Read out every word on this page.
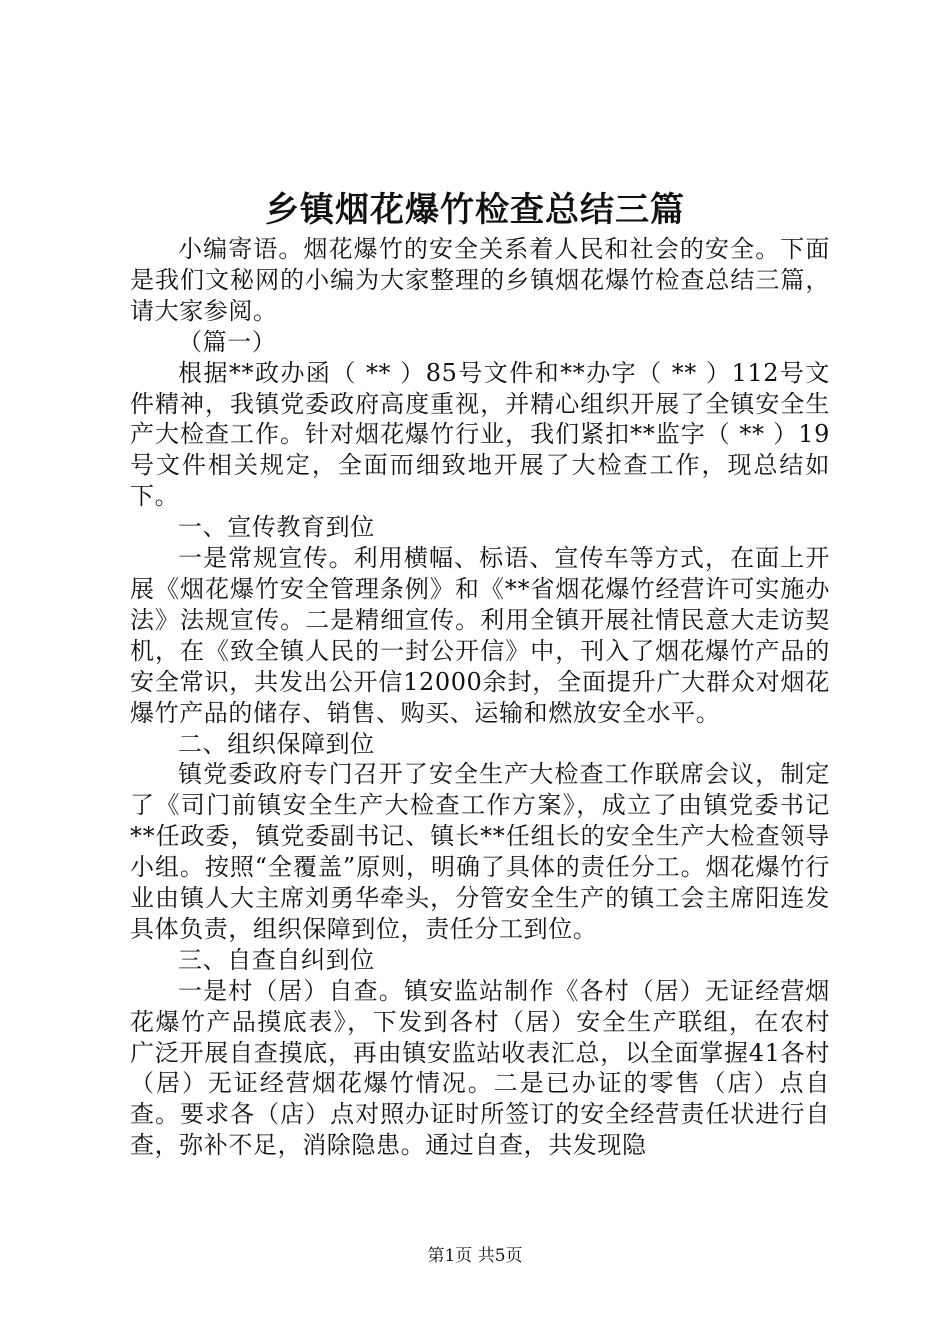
乡镇烟花爆竹检查总结三篇

小编寄语。烟花爆竹的安全关系着人民和社会的安全。下面是我们文秘网的小编为大家整理的乡镇烟花爆竹检查总结三篇，请大家参阅。

（篇一）

根据**政办函（ ** ）85号文件和**办字（ ** ）112号文件精神，我镇党委政府高度重视，并精心组织开展了全镇安全生产大检查工作。针对烟花爆竹行业，我们紧扣**监字（ ** ）19号文件相关规定，全面而细致地开展了大检查工作，现总结如下。

一、宣传教育到位

一是常规宣传。利用横幅、标语、宣传车等方式，在面上开展《烟花爆竹安全管理条例》和《**省烟花爆竹经营许可实施办法》法规宣传。二是精细宣传。利用全镇开展社情民意大走访契机，在《致全镇人民的一封公开信》中，刊入了烟花爆竹产品的安全常识，共发出公开信12000余封，全面提升广大群众对烟花爆竹产品的储存、销售、购买、运输和燃放安全水平。

二、组织保障到位

镇党委政府专门召开了安全生产大检查工作联席会议，制定了《司门前镇安全生产大检查工作方案》，成立了由镇党委书记**任政委，镇党委副书记、镇长**任组长的安全生产大检查领导小组。按照“全覆盖”原则，明确了具体的责任分工。烟花爆竹行业由镇人大主席刘勇华牵头，分管安全生产的镇工会主席阳连发具体负责，组织保障到位，责任分工到位。

三、自查自纠到位

一是村（居）自查。镇安监站制作《各村（居）无证经营烟花爆竹产品摸底表》，下发到各村（居）安全生产联组，在农村广泛开展自查摸底，再由镇安监站收表汇总，以全面掌握41各村（居）无证经营烟花爆竹情况。二是已办证的零售（店）点自查。要求各（店）点对照办证时所签订的安全经营责任状进行自查，弥补不足，消除隐患。通过自查，共发现隐

第1页 共5页
